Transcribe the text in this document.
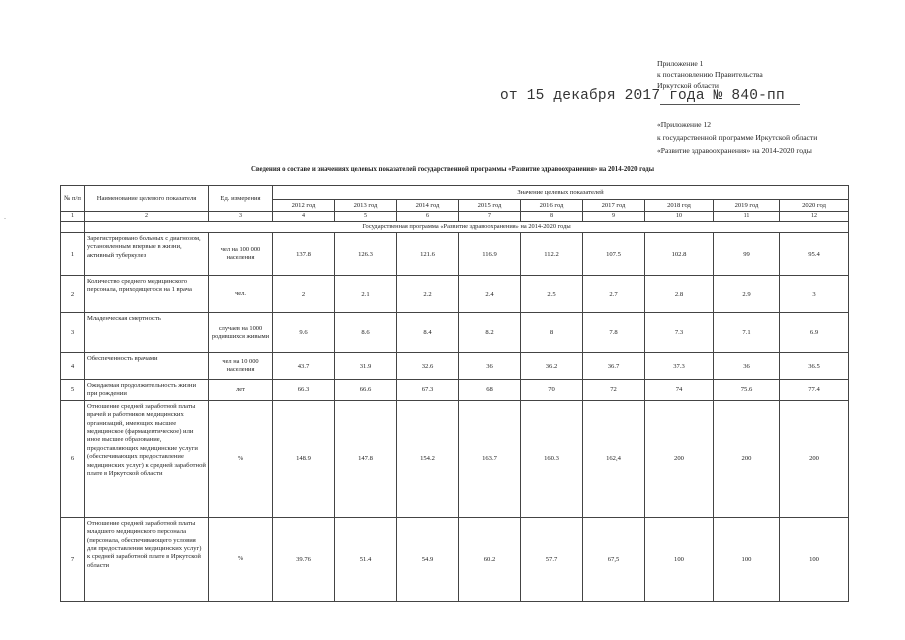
Приложение 1
к постановлению Правительства
Иркутской области
от 15 декабря 2017 года № 840-пп
«Приложение 12
к государственной программе Иркутской области
«Развитие здравоохранения» на 2014-2020 годы
Сведения о составе и значениях целевых показателей государственной программы «Развитие здравоохранения» на 2014-2020 годы
-
№ п/п	Наименование целевого показателя	Ед. измерения	Значение целевых показателей								
			2012 год	2013 год	2014 год	2015 год	2016 год	2017 год	2018 год	2019 год	2020 год
1	2	3	4	5	6	7	8	9	10	11	12
	Государственная программа «Развитие здравоохранения» на 2014-2020 годы										
1	Зарегистрировано больных с диагнозом, установленным впервые в жизни, активный туберкулез	чел на 100 000 населения	137.8	126.3	121.6	116.9	112.2	107.5	102.8	99	95.4
2	Количество среднего медицинского персонала, приходящегося на 1 врача	чел.	2	2.1	2.2	2.4	2.5	2.7	2.8	2.9	3
3	Младенческая смертность	случаев на 1000 родившихся живыми	9.6	8.6	8.4	8.2	8	7.8	7.3	7.1	6.9
4	Обеспеченность врачами	чел на 10 000 населения	43.7	31.9	32.6	36	36.2	36.7	37.3	36	36.5
5	Ожидаемая продолжительность жизни при рождении	лет	66.3	66.6	67.3	68	70	72	74	75.6	77.4
6	Отношение средней заработной платы врачей и работников медицинских организаций, имеющих высшее медицинское (фармацевтическое) или иное высшее образование, предоставляющих медицинские услуги (обеспечивающих предоставление медицинских услуг) к средней заработной плате в Иркутской области	%	148.9	147.8	154.2	163.7	160.3	162,4	200	200	200
7	Отношение средней заработной платы младшего медицинского персонала (персонала, обеспечивающего условия для предоставления медицинских услуг) к средней заработной плате в Иркутской области	%	39.76	51.4	54.9	60.2	57.7	67,5	100	100	100
